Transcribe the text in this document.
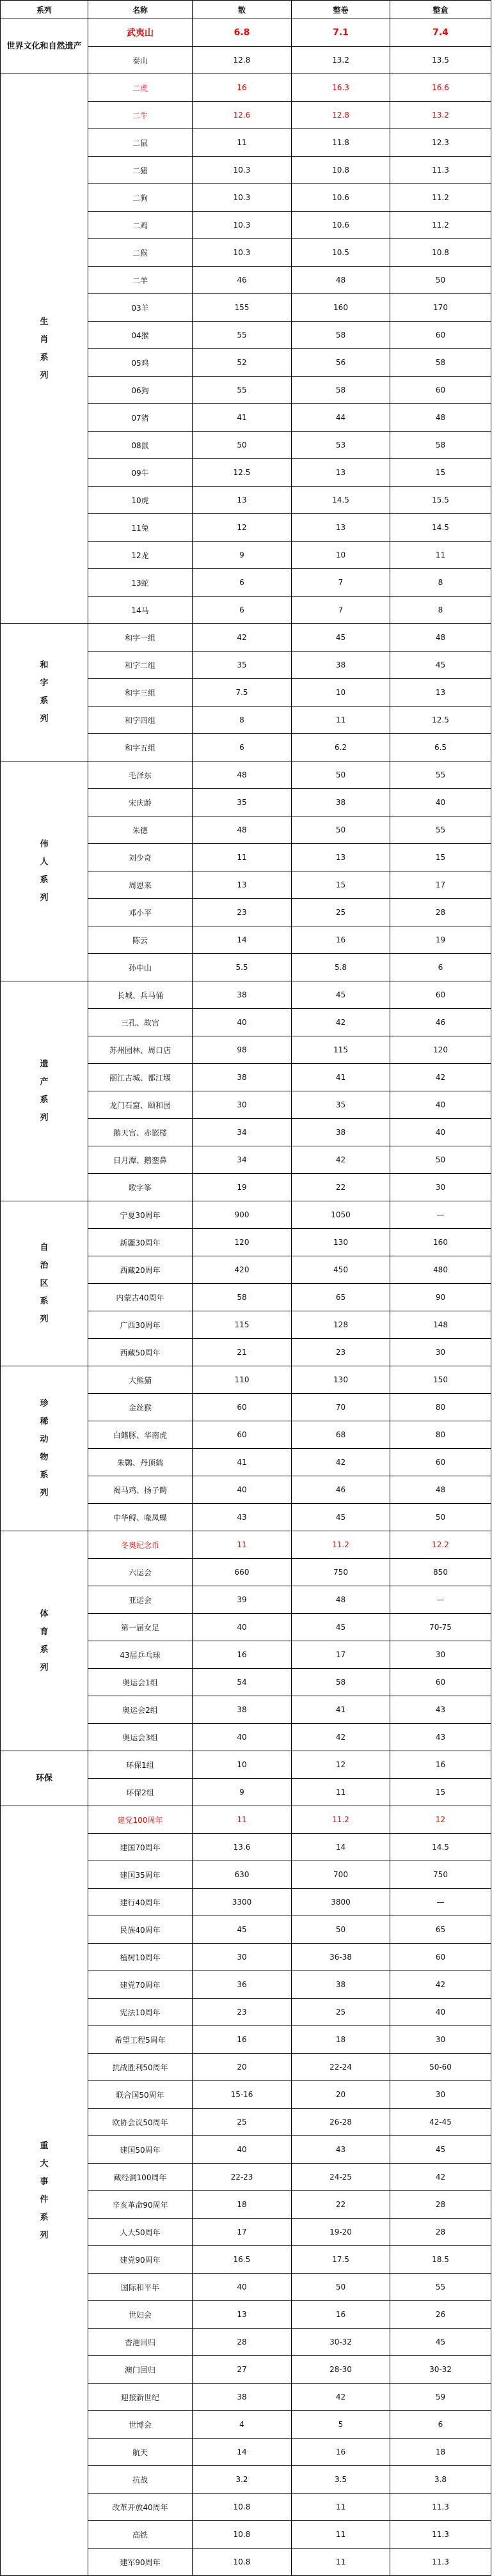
系列	名称	散	整卷	整盒

世界文化和自然遗产	武夷山	6.8	7.1	7.4
	泰山	12.8	13.2	13.5
生肖系列	二虎	16	16.3	16.6
	二牛	12.6	12.8	13.2
	二鼠	11	11.8	12.3
	二猪	10.3	10.8	11.3
	二狗	10.3	10.6	11.2
	二鸡	10.3	10.6	11.2
	二猴	10.3	10.5	10.8
	二羊	46	48	50
	03羊	155	160	170
	04猴	55	58	60
	05鸡	52	56	58
	06狗	55	58	60
	07猪	41	44	48
	08鼠	50	53	58
	09牛	12.5	13	15
	10虎	13	14.5	15.5
	11兔	12	13	14.5
	12龙	9	10	11
	13蛇	6	7	8
	14马	6	7	8
和字系列	和字一组	42	45	48
	和字二组	35	38	45
	和字三组	7.5	10	13
	和字四组	8	11	12.5
	和字五组	6	6.2	6.5
伟人系列	毛泽东	48	50	55
	宋庆龄	35	38	40
	朱德	48	50	55
	刘少奇	11	13	15
	周恩来	13	15	17
	邓小平	23	25	28
	陈云	14	16	19
	孙中山	5.5	5.8	6
遗产系列	长城、兵马俑	38	45	60
	三孔、故宫	40	42	46
	苏州园林、周口店	98	115	120
	丽江古城、都江堰	38	41	42
	龙门石窟、颐和园	30	35	40
	鹅天宫、赤嵌楼	34	38	40
	日月潭、鹅銮鼻	34	42	50
	歌字筝	19	22	30
自治区系列	宁夏30周年	900	1050	—
	新疆30周年	120	130	160
	西藏20周年	420	450	480
	内蒙古40周年	58	65	90
	广西30周年	115	128	148
	西藏50周年	21	23	30
珍稀动物系列	大熊猫	110	130	150
	金丝猴	60	70	80
	白鳍豚、华南虎	60	68	80
	朱鹮、丹顶鹤	41	42	60
	褐马鸡、扬子鳄	40	46	48
	中华鲟、喙凤蝶	43	45	50
体育系列	冬奥纪念币	11	11.2	12.2
	六运会	660	750	850
	亚运会	39	48	—
	第一届女足	40	45	70-75
	43届乒乓球	16	17	30
	奥运会1组	54	58	60
	奥运会2组	38	41	43
	奥运会3组	40	42	43

环保	环保1组	10	12	16
	环保2组	9	11	15
重大事件系列	建党100周年	11	11.2	12
	建国70周年	13.6	14	14.5
	建国35周年	630	700	750
	建行40周年	3300	3800	—
	民族40周年	45	50	65
	植树10周年	30	36-38	60
	建党70周年	36	38	42
	宪法10周年	23	25	40
	希望工程5周年	16	18	30
	抗战胜利50周年	20	22-24	50-60
	联合国50周年	15-16	20	30
	欧协会议50周年	25	26-28	42-45
	建国50周年	40	43	45
	藏经洞100周年	22-23	24-25	42
	辛亥革命90周年	18	22	28
	人大50周年	17	19-20	28
	建党90周年	16.5	17.5	18.5
	国际和平年	40	50	55
	世妇会	13	16	26
	香港回归	28	30-32	45
	澳门回归	27	28-30	30-32
	迎接新世纪	38	42	59
	世博会	4	5	6
	航天	14	16	18
	抗战	3.2	3.5	3.8
	改革开放40周年	10.8	11	11.3
	高铁	10.8	11	11.3
	建军90周年	10.8	11	11.3
